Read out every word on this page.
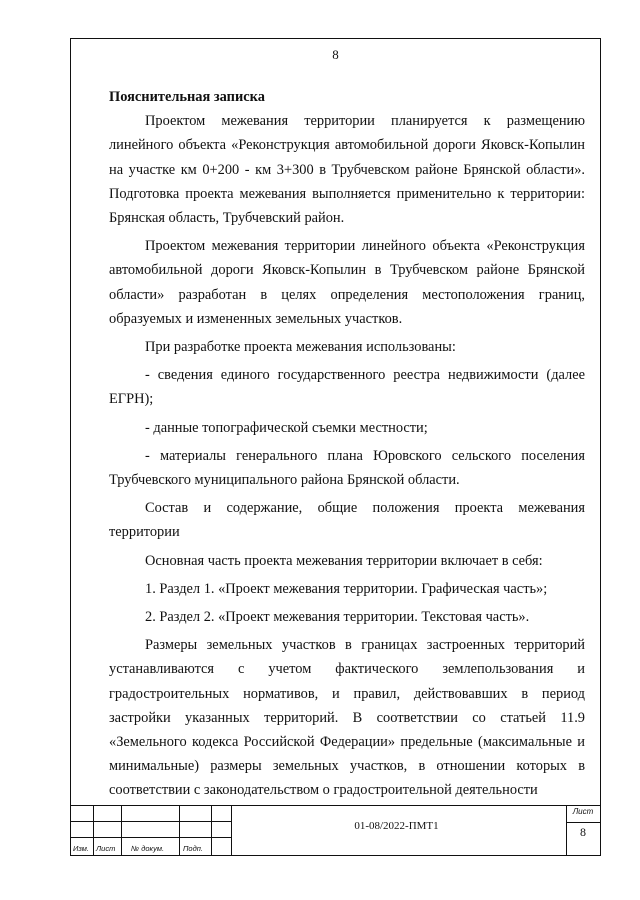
8

Пояснительная записка

Проектом межевания территории планируется к размещению линейного объекта «Реконструкция автомобильной дороги Яковск-Копылин на участке км 0+200 - км 3+300 в Трубчевском районе Брянской области». Подготовка проекта межевания выполняется применительно к территории: Брянская область, Трубчевский район.

Проектом межевания территории линейного объекта «Реконструкция автомобильной дороги Яковск-Копылин в Трубчевском районе Брянской области» разработан в целях определения местоположения границ, образуемых и измененных земельных участков.

При разработке проекта межевания использованы:

- сведения единого государственного реестра недвижимости (далее ЕГРН);

- данные топографической съемки местности;

- материалы генерального плана Юровского сельского поселения Трубчевского муниципального района Брянской области.

Состав и содержание, общие положения проекта межевания территории

Основная часть проекта межевания территории включает в себя:

1. Раздел 1. «Проект межевания территории. Графическая часть»;

2. Раздел 2. «Проект межевания территории. Текстовая часть».

Размеры земельных участков в границах застроенных территорий устанавливаются с учетом фактического землепользования и градостроительных нормативов, и правил, действовавших в период застройки указанных территорий. В соответствии со статьей 11.9 «Земельного кодекса Российской Федерации» предельные (максимальные и минимальные) размеры земельных участков, в отношении которых в соответствии с законодательством о градостроительной деятельности

Изм. Лист № докум.	Подп.
01-08/2022-ПМТ1
Лист
8
